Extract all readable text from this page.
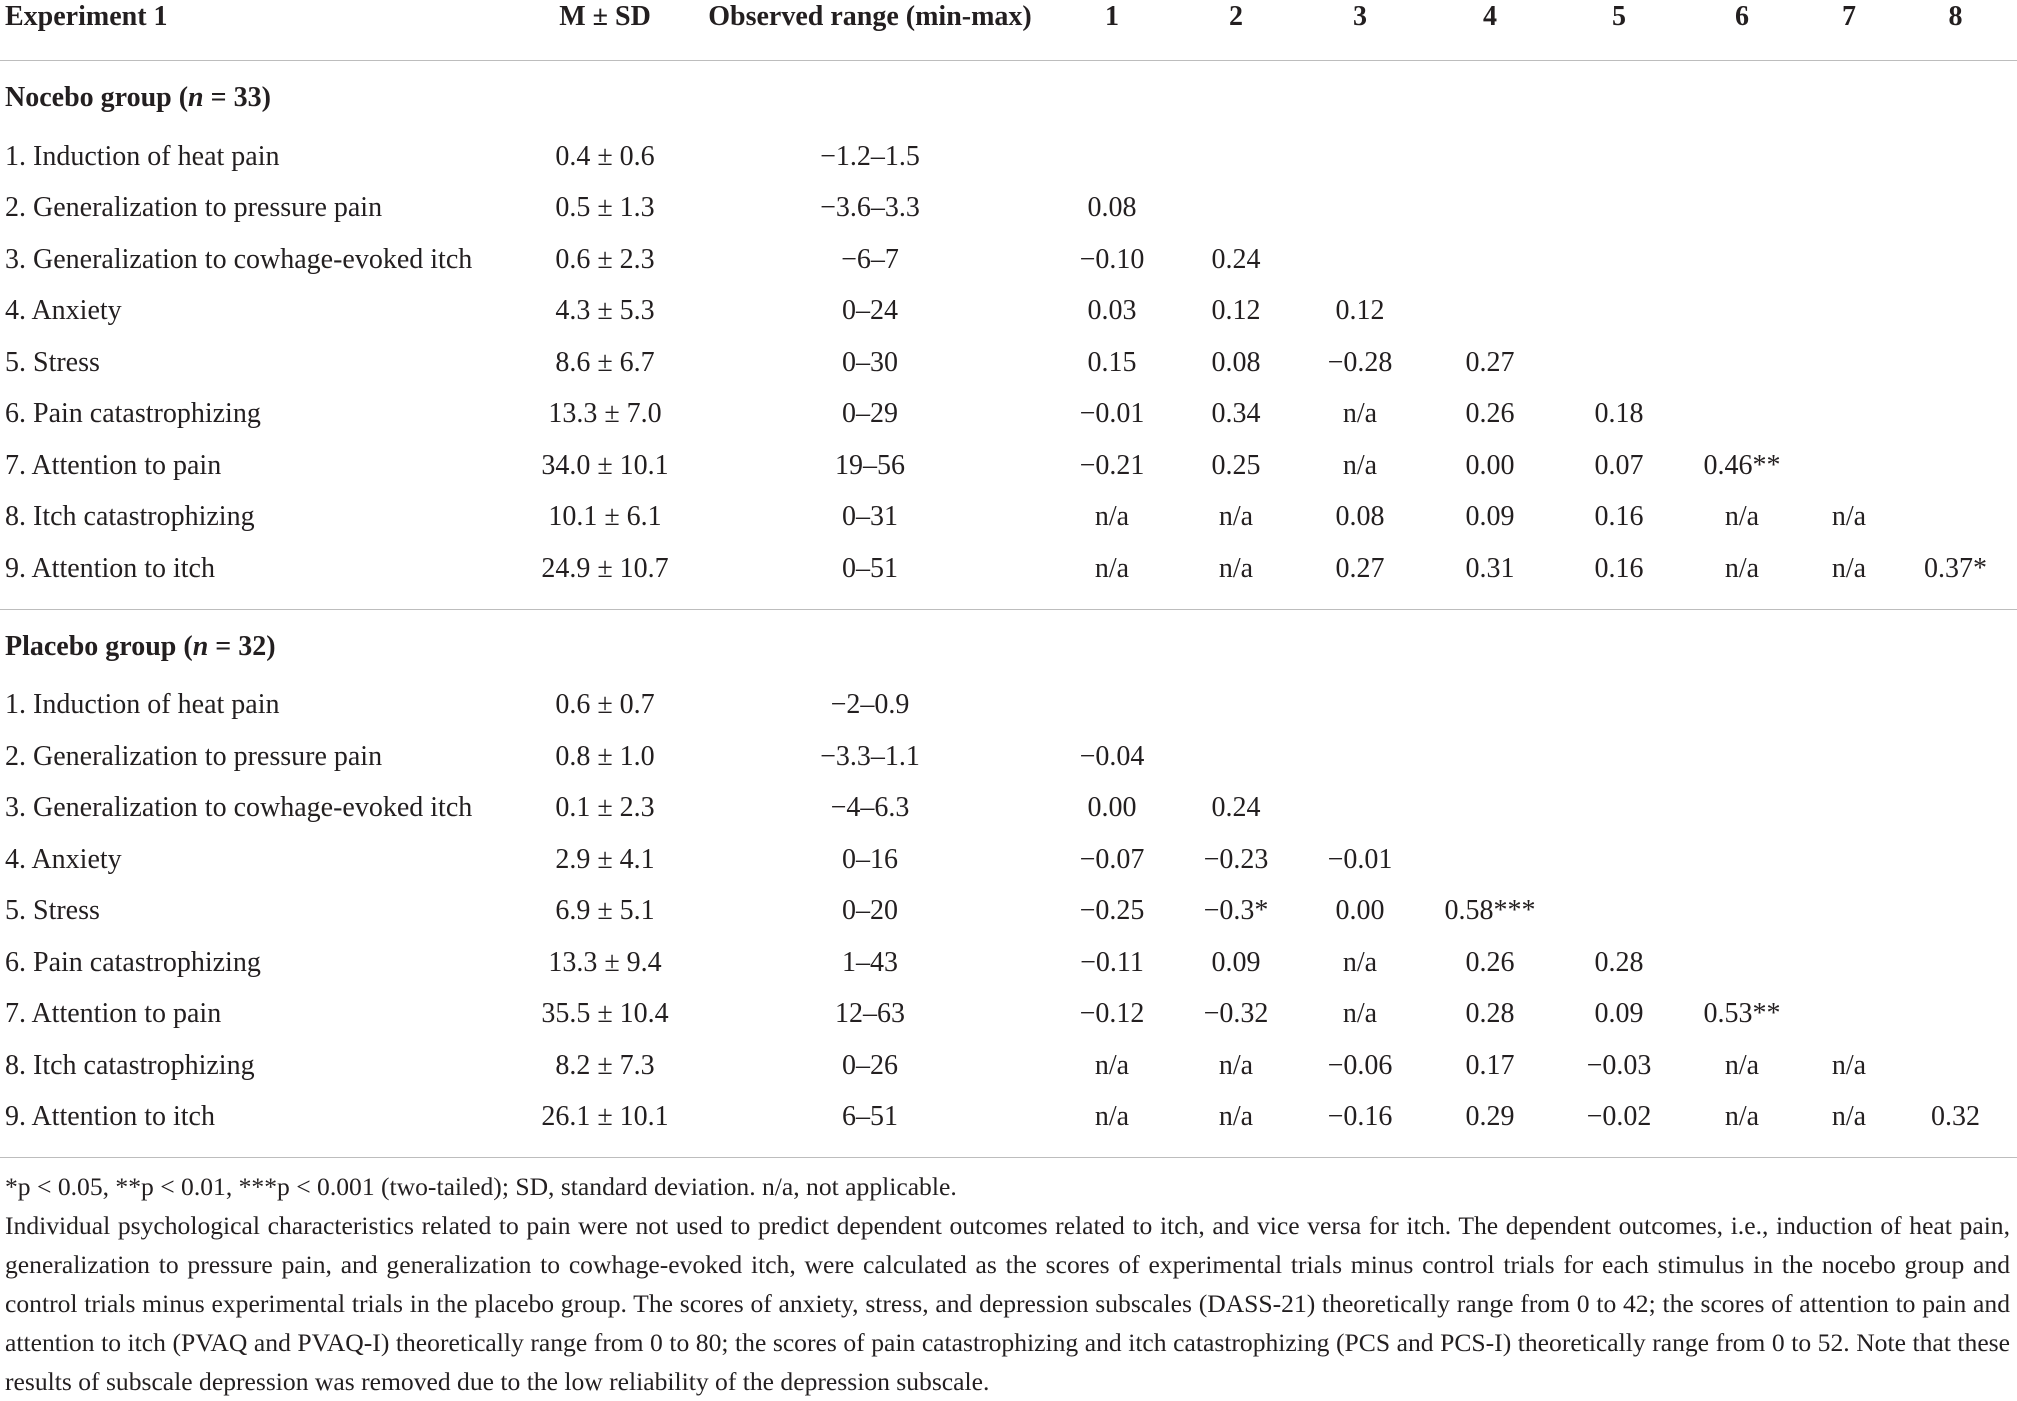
Experiment 1	M ± SD	Observed range (min-max)	1	2	3	4	5	6	7	8

Nocebo group (n = 33)										
1. Induction of heat pain	0.4 ± 0.6	−1.2–1.5								
2. Generalization to pressure pain	0.5 ± 1.3	−3.6–3.3	0.08							
3. Generalization to cowhage-evoked itch	0.6 ± 2.3	−6–7	−0.10	0.24						
4. Anxiety	4.3 ± 5.3	0–24	0.03	0.12	0.12					
5. Stress	8.6 ± 6.7	0–30	0.15	0.08	−0.28	0.27				
6. Pain catastrophizing	13.3 ± 7.0	0–29	−0.01	0.34	n/a	0.26	0.18			
7. Attention to pain	34.0 ± 10.1	19–56	−0.21	0.25	n/a	0.00	0.07	0.46**		
8. Itch catastrophizing	10.1 ± 6.1	0–31	n/a	n/a	0.08	0.09	0.16	n/a	n/a	
9. Attention to itch	24.9 ± 10.7	0–51	n/a	n/a	0.27	0.31	0.16	n/a	n/a	0.37*

Placebo group (n = 32)										
1. Induction of heat pain	0.6 ± 0.7	−2–0.9								
2. Generalization to pressure pain	0.8 ± 1.0	−3.3–1.1	−0.04							
3. Generalization to cowhage-evoked itch	0.1 ± 2.3	−4–6.3	0.00	0.24						
4. Anxiety	2.9 ± 4.1	0–16	−0.07	−0.23	−0.01					
5. Stress	6.9 ± 5.1	0–20	−0.25	−0.3*	0.00	0.58***				
6. Pain catastrophizing	13.3 ± 9.4	1–43	−0.11	0.09	n/a	0.26	0.28			
7. Attention to pain	35.5 ± 10.4	12–63	−0.12	−0.32	n/a	0.28	0.09	0.53**		
8. Itch catastrophizing	8.2 ± 7.3	0–26	n/a	n/a	−0.06	0.17	−0.03	n/a	n/a	
9. Attention to itch	26.1 ± 10.1	6–51	n/a	n/a	−0.16	0.29	−0.02	n/a	n/a	0.32

*p < 0.05, **p < 0.01, ***p < 0.001 (two-tailed); SD, standard deviation. n/a, not applicable.

Individual psychological characteristics related to pain were not used to predict dependent outcomes related to itch, and vice versa for itch. The dependent outcomes, i.e., induction of heat pain, generalization to pressure pain, and generalization to cowhage-evoked itch, were calculated as the scores of experimental trials minus control trials for each stimulus in the nocebo group and control trials minus experimental trials in the placebo group. The scores of anxiety, stress, and depression subscales (DASS-21) theoretically range from 0 to 42; the scores of attention to pain and attention to itch (PVAQ and PVAQ-I) theoretically range from 0 to 80; the scores of pain catastrophizing and itch catastrophizing (PCS and PCS-I) theoretically range from 0 to 52. Note that these results of subscale depression was removed due to the low reliability of the depression subscale.
